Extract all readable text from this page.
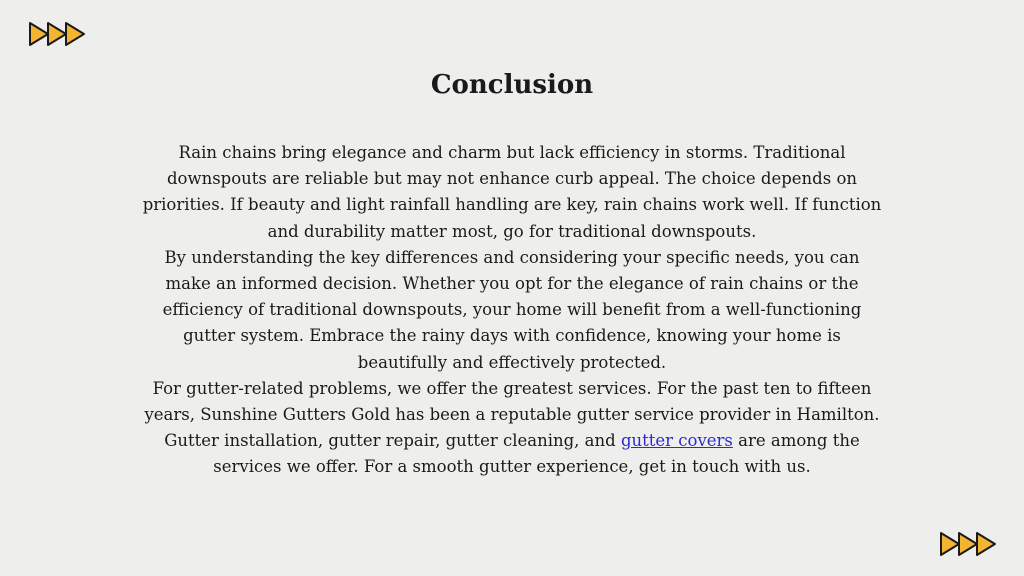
Conclusion

Rain chains bring elegance and charm but lack efficiency in storms. Traditional downspouts are reliable but may not enhance curb appeal. The choice depends on priorities. If beauty and light rainfall handling are key, rain chains work well. If function and durability matter most, go for traditional downspouts.

By understanding the key differences and considering your specific needs, you can make an informed decision. Whether you opt for the elegance of rain chains or the efficiency of traditional downspouts, your home will benefit from a well-functioning gutter system. Embrace the rainy days with confidence, knowing your home is beautifully and effectively protected.

For gutter-related problems, we offer the greatest services. For the past ten to fifteen years, Sunshine Gutters Gold has been a reputable gutter service provider in Hamilton. Gutter installation, gutter repair, gutter cleaning, and gutter covers are among the services we offer. For a smooth gutter experience, get in touch with us.
